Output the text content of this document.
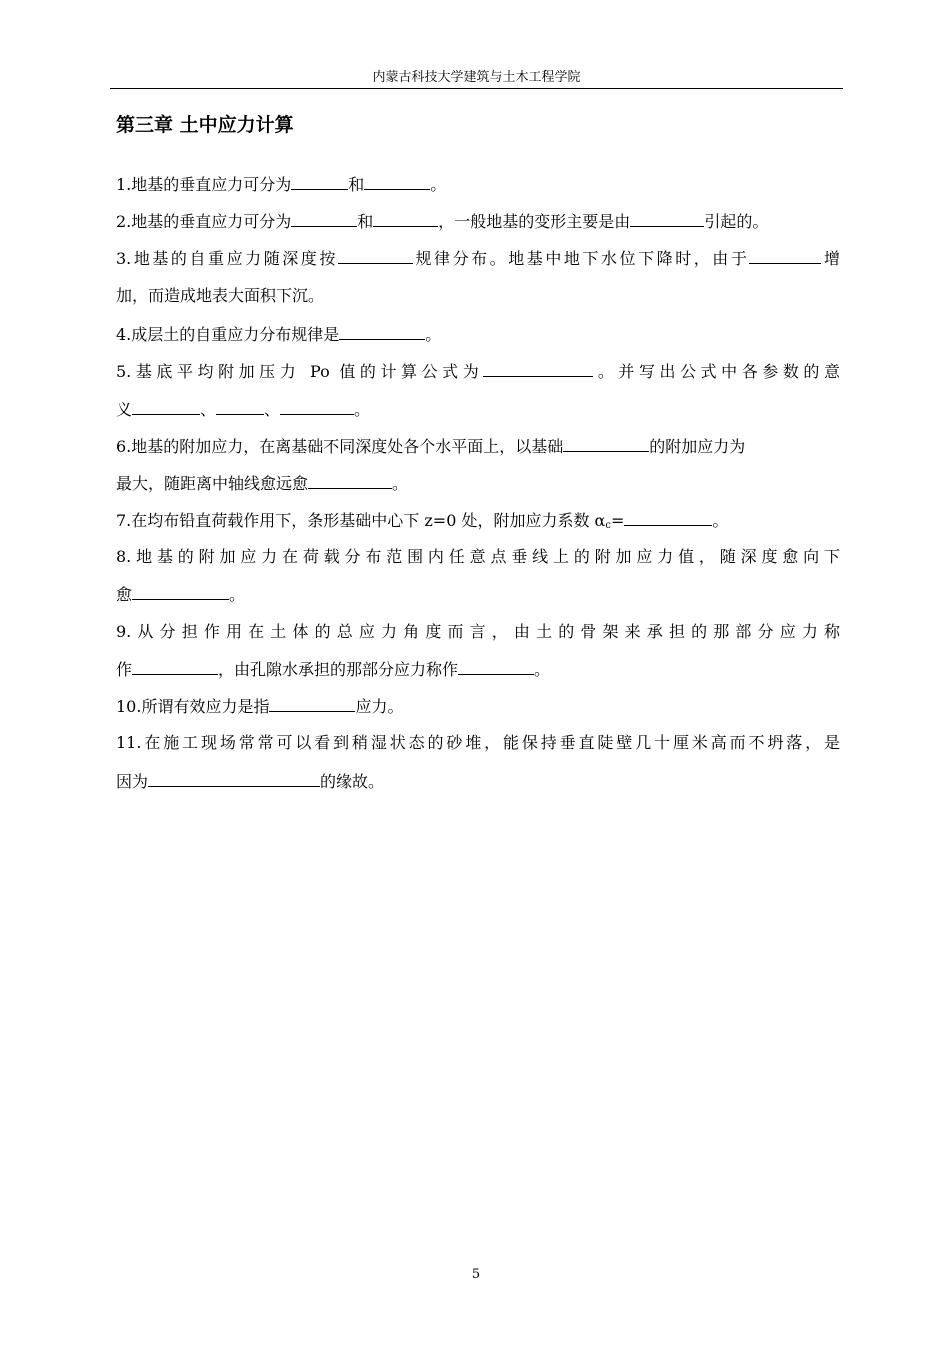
内蒙古科技大学建筑与土木工程学院
第三章 土中应力计算
1.地基的垂直应力可分为	和	。
2.地基的垂直应力可分为	和	，一般地基的变形主要是由	引起的。
3.地基的自重应力随深度按	规律分布。地基中地下水位下降时，由于	增
加，而造成地表大面积下沉。
4.成层土的自重应力分布规律是	。
5.基底平均附加压力 Po 值的计算公式为	。并写出公式中各参数的意
义	、	、	。
6.地基的附加应力，在离基础不同深度处各个水平面上，以基础	的附加应力为
最大，随距离中轴线愈远愈	。
7.在均布铅直荷载作用下，条形基础中心下 z=0 处，附加应力系数 $\alpha_c=$	。
8.地基的附加应力在荷载分布范围内任意点垂线上的附加应力值，随深度愈向下
愈	。
9.从分担作用在土体的总应力角度而言，由土的骨架来承担的那部分应力称
作	，由孔隙水承担的那部分应力称作	。
10.所谓有效应力是指	应力。
11.在施工现场常常可以看到稍湿状态的砂堆，能保持垂直陡壁几十厘米高而不坍落，是
因为	的缘故。
5
